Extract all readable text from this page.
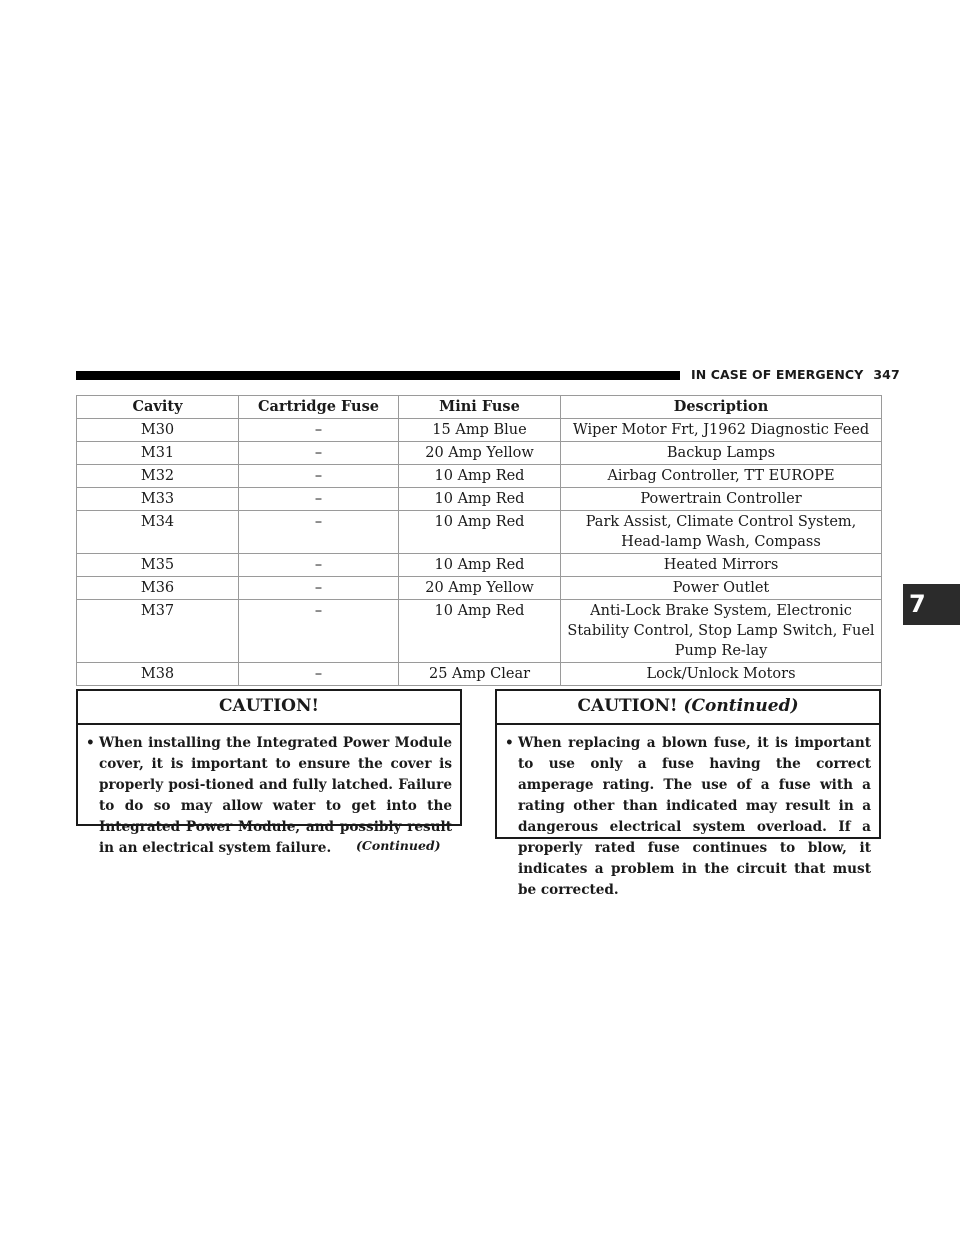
IN CASE OF EMERGENCY 347
Cavity	Cartridge Fuse	Mini Fuse	Description
M30	–	15 Amp Blue	Wiper Motor Frt, J1962 Diagnostic Feed
M31	–	20 Amp Yellow	Backup Lamps
M32	–	10 Amp Red	Airbag Controller, TT EUROPE
M33	–	10 Amp Red	Powertrain Controller
M34	–	10 Amp Red	Park Assist, Climate Control System, Head-lamp Wash, Compass
M35	–	10 Amp Red	Heated Mirrors
M36	–	20 Amp Yellow	Power Outlet
M37	–	10 Amp Red	Anti-Lock Brake System, Electronic Stability Control, Stop Lamp Switch, Fuel Pump Re-lay
M38	–	25 Amp Clear	Lock/Unlock Motors
7
CAUTION!
• When installing the Integrated Power Module cover, it is important to ensure the cover is properly posi-tioned and fully latched. Failure to do so may allow water to get into the Integrated Power Module, and possibly result in an electrical system failure.	(Continued)
CAUTION! (Continued)
• When replacing a blown fuse, it is important to use only a fuse having the correct amperage rating. The use of a fuse with a rating other than indicated may result in a dangerous electrical system overload. If a properly rated fuse continues to blow, it indicates a problem in the circuit that must be corrected.
